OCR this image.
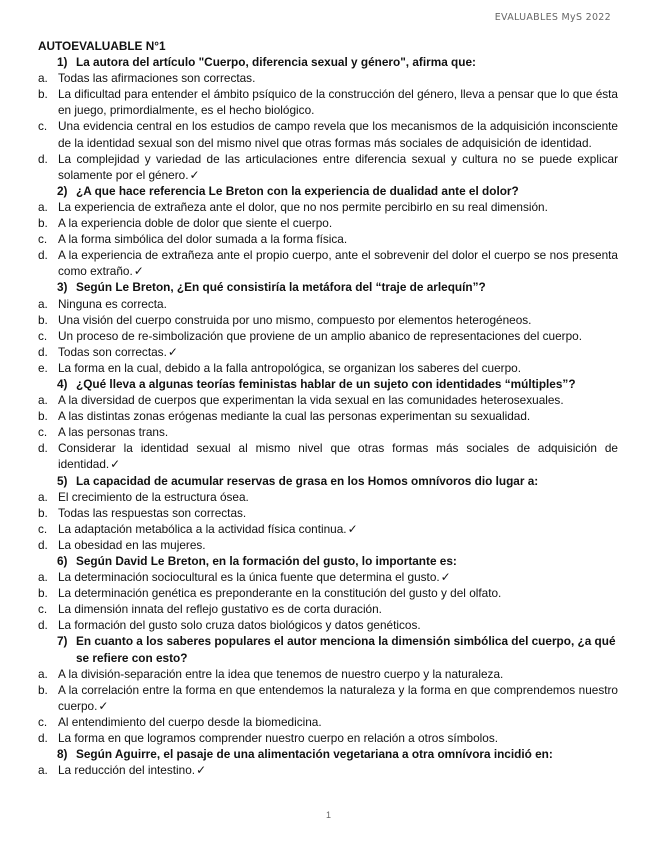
EVALUABLES MyS 2022

AUTOEVALUABLE N°1

1) La autora del artículo "Cuerpo, diferencia sexual y género", afirma que:

a. Todas las afirmaciones son correctas.
b. La dificultad para entender el ámbito psíquico de la construcción del género, lleva a pensar que lo que ésta en juego, primordialmente, es el hecho biológico.
c. Una evidencia central en los estudios de campo revela que los mecanismos de la adquisición inconsciente de la identidad sexual son del mismo nivel que otras formas más sociales de adquisición de identidad.
d. La complejidad y variedad de las articulaciones entre diferencia sexual y cultura no se puede explicar solamente por el género.✓

2) ¿A que hace referencia Le Breton con la experiencia de dualidad ante el dolor?

a. La experiencia de extrañeza ante el dolor, que no nos permite percibirlo en su real dimensión.
b. A la experiencia doble de dolor que siente el cuerpo.
c. A la forma simbólica del dolor sumada a la forma física.
d. A la experiencia de extrañeza ante el propio cuerpo, ante el sobrevenir del dolor el cuerpo se nos presenta como extraño.✓

3) Según Le Breton, ¿En qué consistiría la metáfora del “traje de arlequín”?

a. Ninguna es correcta.
b. Una visión del cuerpo construida por uno mismo, compuesto por elementos heterogéneos.
c. Un proceso de re-simbolización que proviene de un amplio abanico de representaciones del cuerpo.
d. Todas son correctas.✓
e. La forma en la cual, debido a la falla antropológica, se organizan los saberes del cuerpo.

4) ¿Qué lleva a algunas teorías feministas hablar de un sujeto con identidades “múltiples”?

a. A la diversidad de cuerpos que experimentan la vida sexual en las comunidades heterosexuales.
b. A las distintas zonas erógenas mediante la cual las personas experimentan su sexualidad.
c. A las personas trans.
d. Considerar la identidad sexual al mismo nivel que otras formas más sociales de adquisición de identidad.✓

5) La capacidad de acumular reservas de grasa en los Homos omnívoros dio lugar a:

a. El crecimiento de la estructura ósea.
b. Todas las respuestas son correctas.
c. La adaptación metabólica a la actividad física continua.✓
d. La obesidad en las mujeres.

6) Según David Le Breton, en la formación del gusto, lo importante es:

a. La determinación sociocultural es la única fuente que determina el gusto.✓
b. La determinación genética es preponderante en la constitución del gusto y del olfato.
c. La dimensión innata del reflejo gustativo es de corta duración.
d. La formación del gusto solo cruza datos biológicos y datos genéticos.

7) En cuanto a los saberes populares el autor menciona la dimensión simbólica del cuerpo, ¿a qué se refiere con esto?

a. A la división-separación entre la idea que tenemos de nuestro cuerpo y la naturaleza.
b. A la correlación entre la forma en que entendemos la naturaleza y la forma en que comprendemos nuestro cuerpo.✓
c. Al entendimiento del cuerpo desde la biomedicina.
d. La forma en que logramos comprender nuestro cuerpo en relación a otros símbolos.

8) Según Aguirre, el pasaje de una alimentación vegetariana a otra omnívora incidió en:

a. La reducción del intestino.✓
1
